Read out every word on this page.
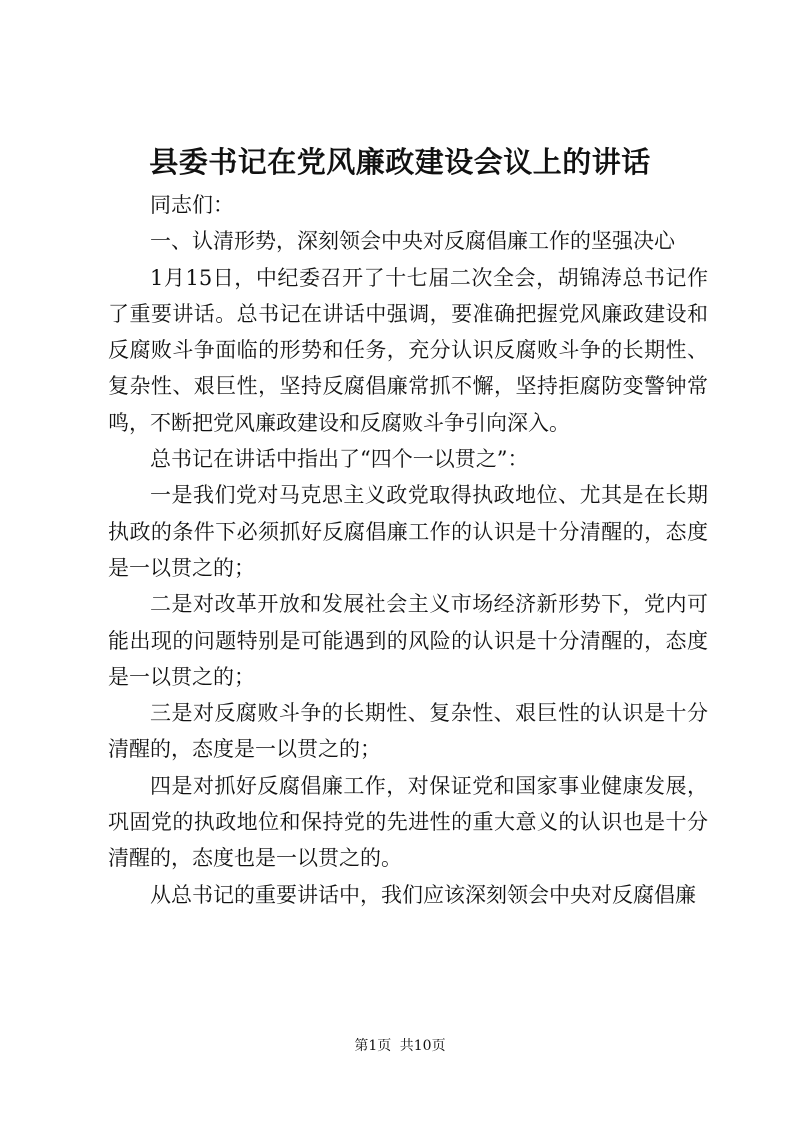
县委书记在党风廉政建设会议上的讲话

同志们：

一、认清形势，深刻领会中央对反腐倡廉工作的坚强决心

1月15日，中纪委召开了十七届二次全会，胡锦涛总书记作了重要讲话。总书记在讲话中强调，要准确把握党风廉政建设和反腐败斗争面临的形势和任务，充分认识反腐败斗争的长期性、复杂性、艰巨性，坚持反腐倡廉常抓不懈，坚持拒腐防变警钟常鸣，不断把党风廉政建设和反腐败斗争引向深入。

总书记在讲话中指出了“四个一以贯之”：

一是我们党对马克思主义政党取得执政地位、尤其是在长期执政的条件下必须抓好反腐倡廉工作的认识是十分清醒的，态度是一以贯之的；

二是对改革开放和发展社会主义市场经济新形势下，党内可能出现的问题特别是可能遇到的风险的认识是十分清醒的，态度是一以贯之的；

三是对反腐败斗争的长期性、复杂性、艰巨性的认识是十分清醒的，态度是一以贯之的；

四是对抓好反腐倡廉工作，对保证党和国家事业健康发展，巩固党的执政地位和保持党的先进性的重大意义的认识也是十分清醒的，态度也是一以贯之的。

从总书记的重要讲话中，我们应该深刻领会中央对反腐倡廉

第1页 共10页
